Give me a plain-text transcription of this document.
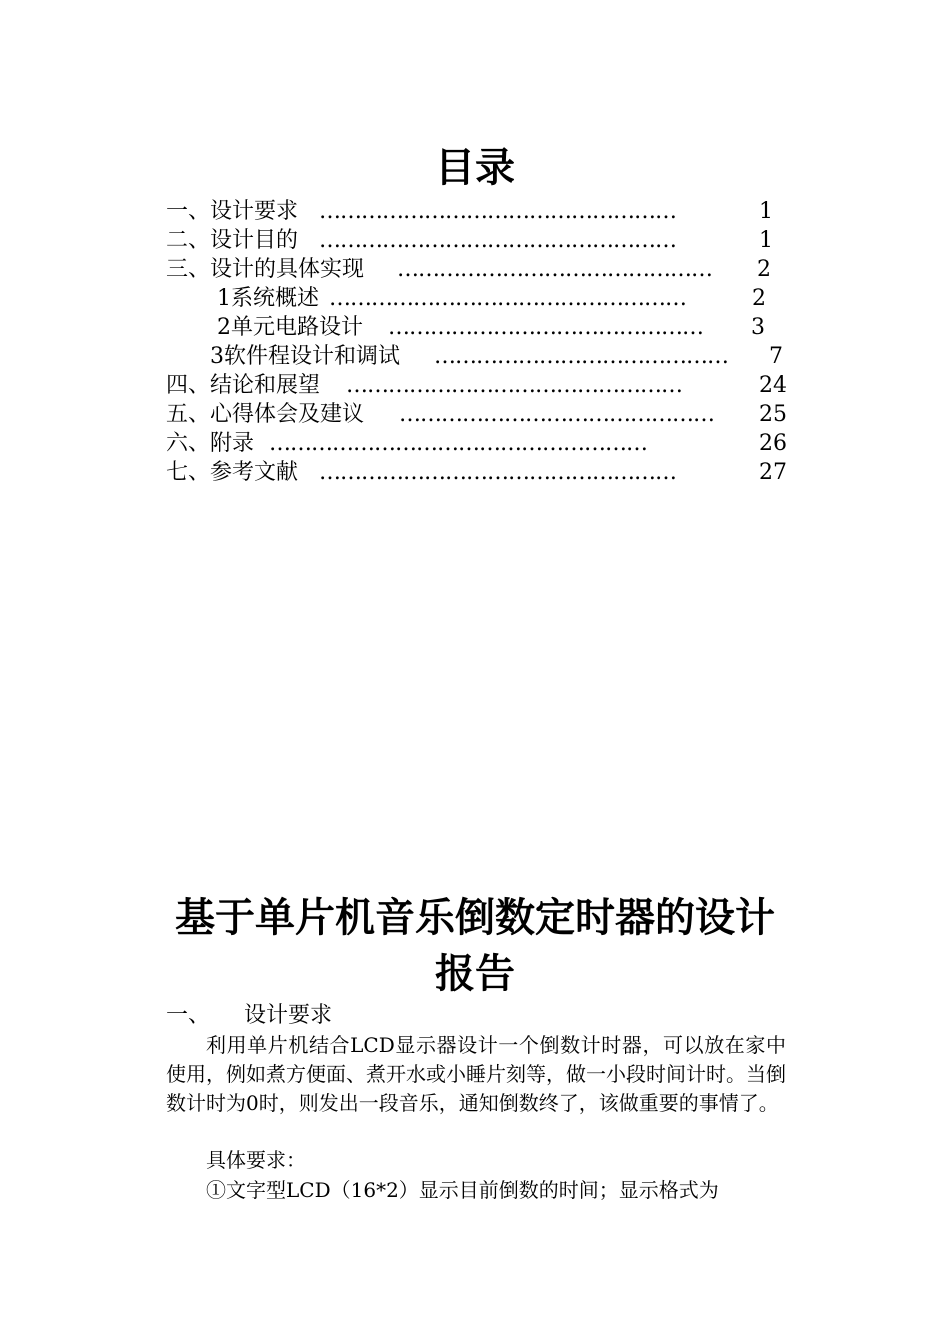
目录
一、设计要求 ……………………………………………	1
二、设计目的 ……………………………………………	1
三、设计的具体实现 ………………………………………	2
1系统概述 ……………………………………………	2
2单元电路设计 ………………………………………	3
3软件程设计和调试 ……………………………………	7
四、结论和展望 …………………………………………	24
五、心得体会及建议 ………………………………………	25
六、附录 ………………………………………………	26
七、参考文献 ……………………………………………	27
基于单片机音乐倒数定时器的设计
报告
一、 设计要求
利用单片机结合LCD显示器设计一个倒数计时器，可以放在家中使用，例如煮方便面、煮开水或小睡片刻等，做一小段时间计时。当倒数计时为0时，则发出一段音乐，通知倒数终了，该做重要的事情了。
具体要求：
①文字型LCD（16*2）显示目前倒数的时间；显示格式为
